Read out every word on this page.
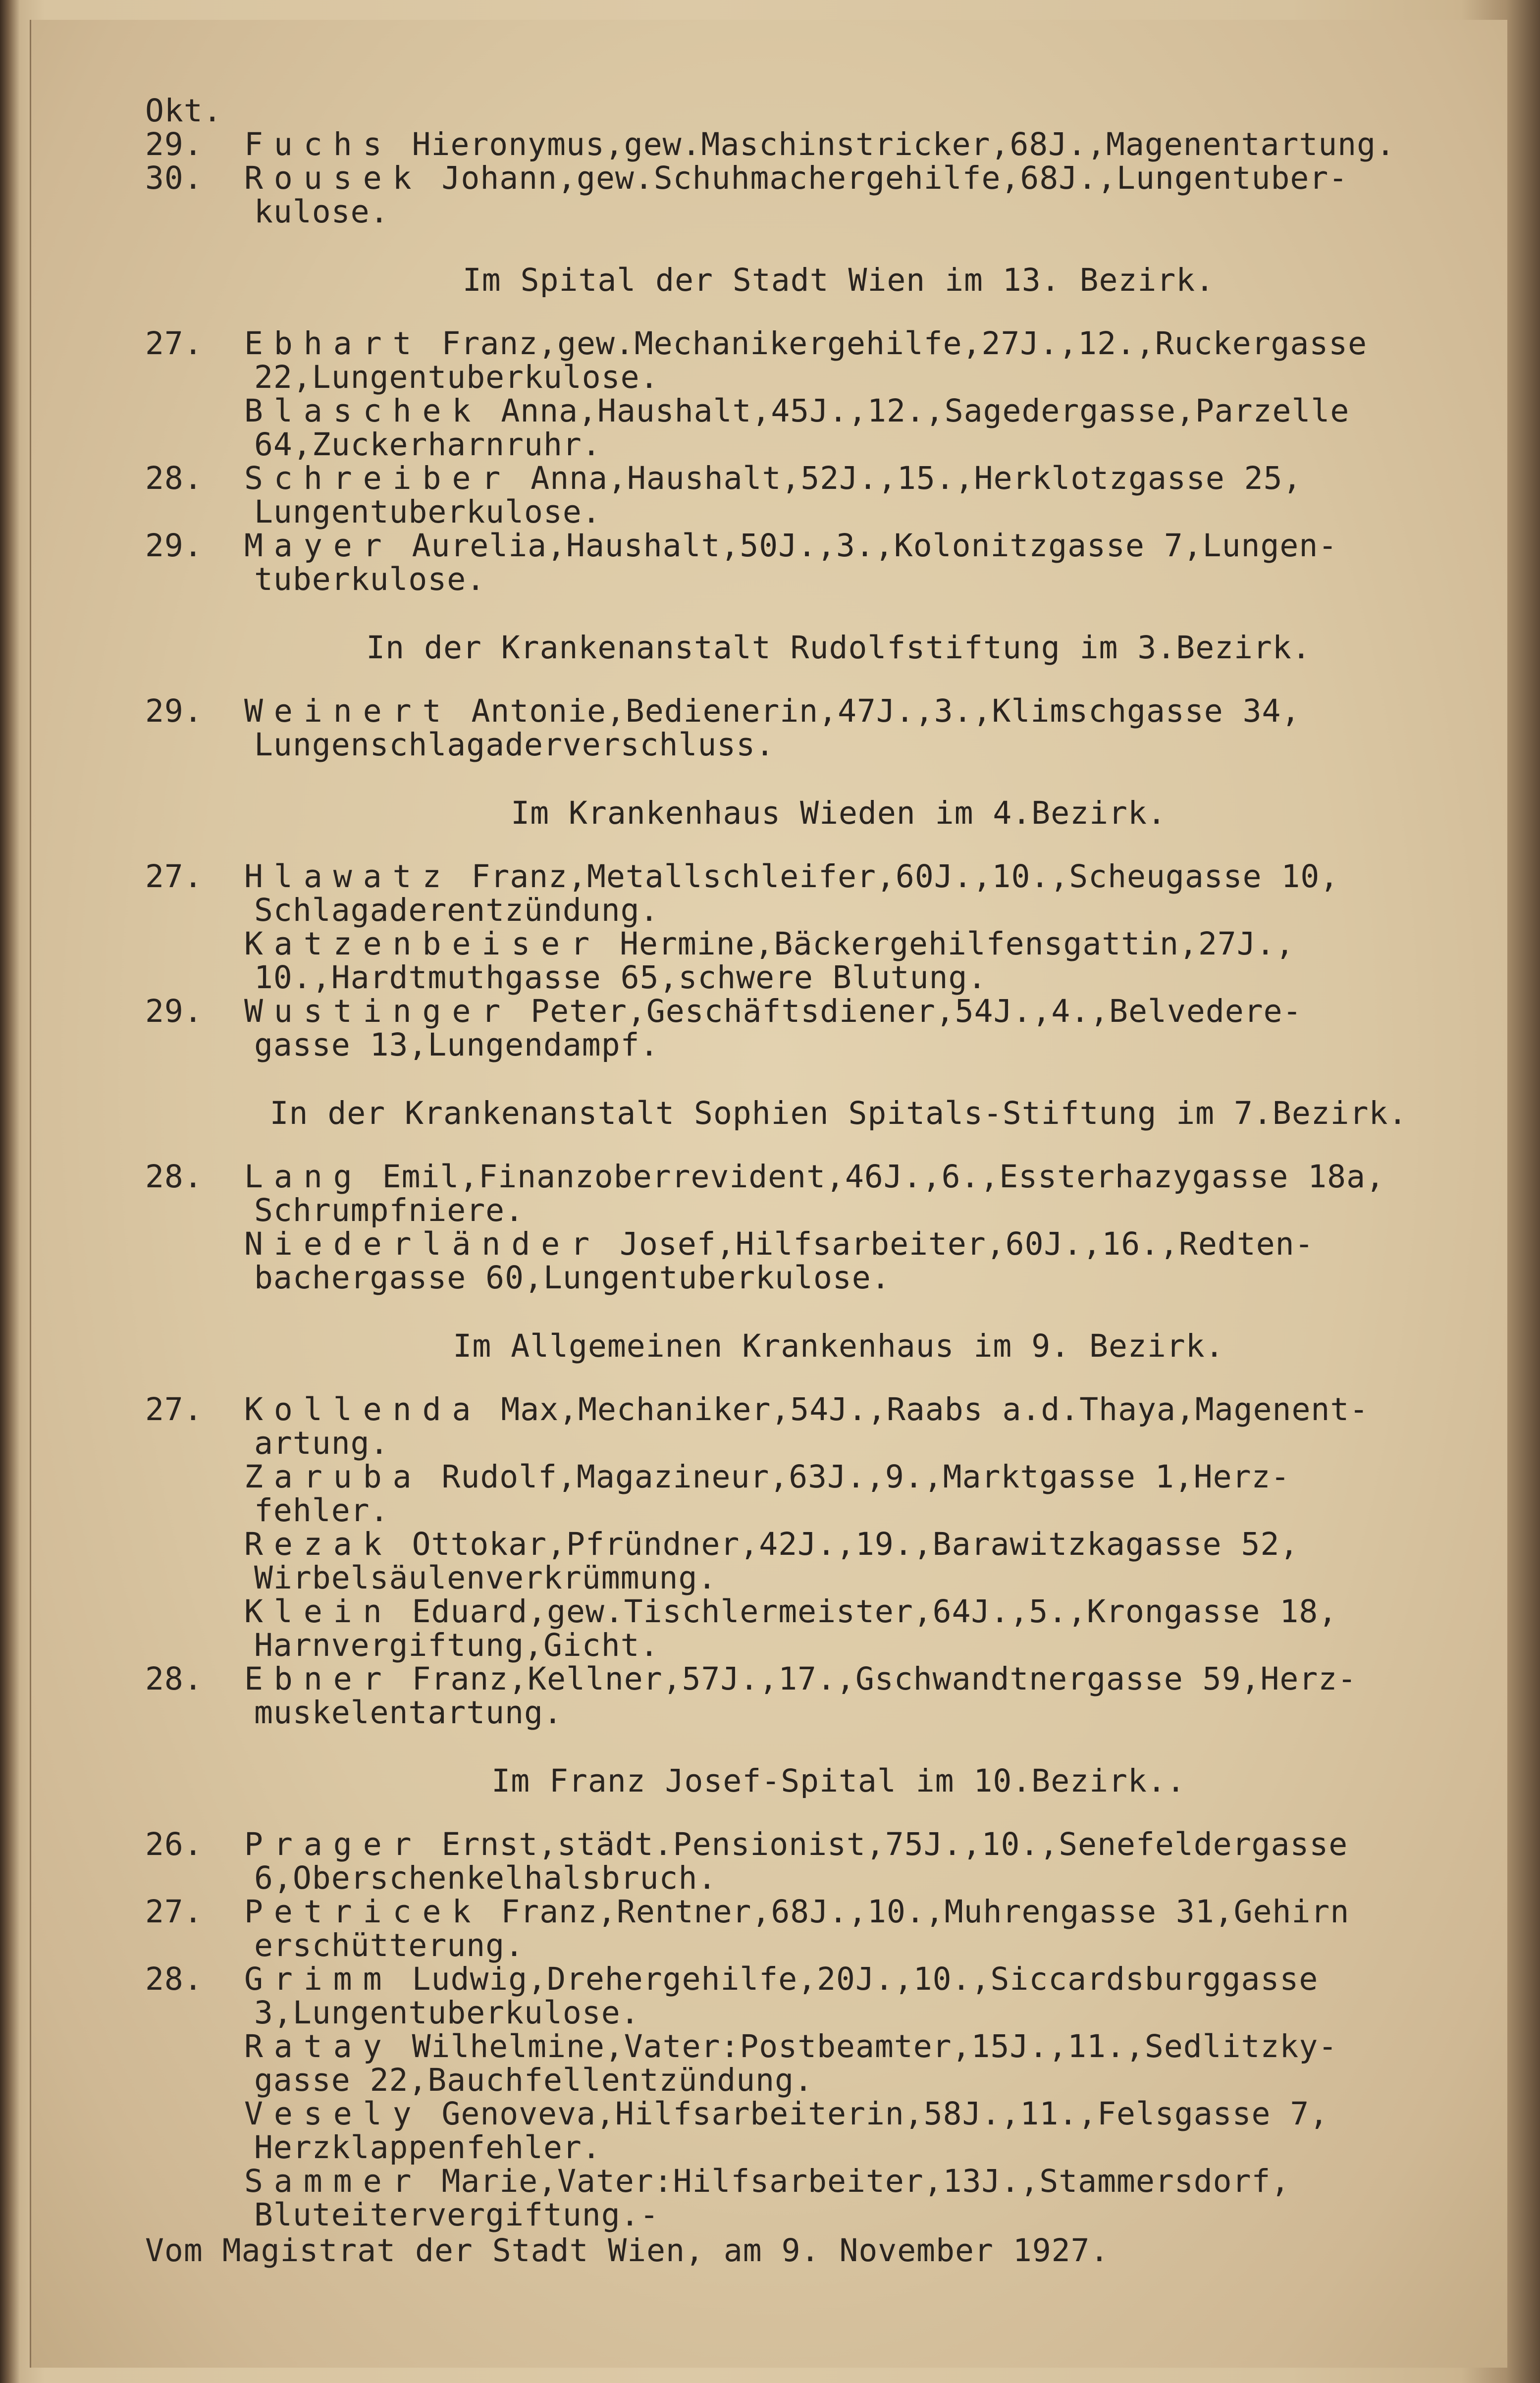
Okt.
29. Fuchs Hieronymus,gew.Maschinstricker,68J.,Magenentartung.
30. Rousek Johann,gew.Schuhmachergehilfe,68J.,Lungentuber-
kulose.
Im Spital der Stadt Wien im 13. Bezirk.
27. Ebhart Franz,gew.Mechanikergehilfe,27J.,12.,Ruckergasse
22,Lungentuberkulose.
Blaschek Anna,Haushalt,45J.,12.,Sagedergasse,Parzelle
64,Zuckerharnruhr.
28. Schreiber Anna,Haushalt,52J.,15.,Herklotzgasse 25,
Lungentuberkulose.
29. Mayer Aurelia,Haushalt,50J.,3.,Kolonitzgasse 7,Lungen-
tuberkulose.
In der Krankenanstalt Rudolfstiftung im 3.Bezirk.
29. Weinert Antonie,Bedienerin,47J.,3.,Klimschgasse 34,
Lungenschlagaderverschluss.
Im Krankenhaus Wieden im 4.Bezirk.
27. Hlawatz Franz,Metallschleifer,60J.,10.,Scheugasse 10,
Schlagaderentzündung.
Katzenbeiser Hermine,Bäckergehilfensgattin,27J.,
10.,Hardtmuthgasse 65,schwere Blutung.
29. Wustinger Peter,Geschäftsdiener,54J.,4.,Belvedere-
gasse 13,Lungendampf.
In der Krankenanstalt Sophien Spitals-Stiftung im 7.Bezirk.
28. Lang Emil,Finanzoberrevident,46J.,6.,Essterhazygasse 18a,
Schrumpfniere.
Niederländer Josef,Hilfsarbeiter,60J.,16.,Redten-
bachergasse 60,Lungentuberkulose.
Im Allgemeinen Krankenhaus im 9. Bezirk.
27. Kollenda Max,Mechaniker,54J.,Raabs a.d.Thaya,Magenent-
artung.
Zaruba Rudolf,Magazineur,63J.,9.,Marktgasse 1,Herz-
fehler.
Rezak Ottokar,Pfründner,42J.,19.,Barawitzkagasse 52,
Wirbelsäulenverkrümmung.
Klein Eduard,gew.Tischlermeister,64J.,5.,Krongasse 18,
Harnvergiftung,Gicht.
28. Ebner Franz,Kellner,57J.,17.,Gschwandtnergasse 59,Herz-
muskelentartung.
Im Franz Josef-Spital im 10.Bezirk..
26. Prager Ernst,städt.Pensionist,75J.,10.,Senefeldergasse
6,Oberschenkelhalsbruch.
27. Petricek Franz,Rentner,68J.,10.,Muhrengasse 31,Gehirn
erschütterung.
28. Grimm Ludwig,Drehergehilfe,20J.,10.,Siccardsburggasse
3,Lungentuberkulose.
Ratay Wilhelmine,Vater:Postbeamter,15J.,11.,Sedlitzky-
gasse 22,Bauchfellentzündung.
Vesely Genoveva,Hilfsarbeiterin,58J.,11.,Felsgasse 7,
Herzklappenfehler.
Sammer Marie,Vater:Hilfsarbeiter,13J.,Stammersdorf,
Bluteitervergiftung.-
Vom Magistrat der Stadt Wien, am 9. November 1927.
